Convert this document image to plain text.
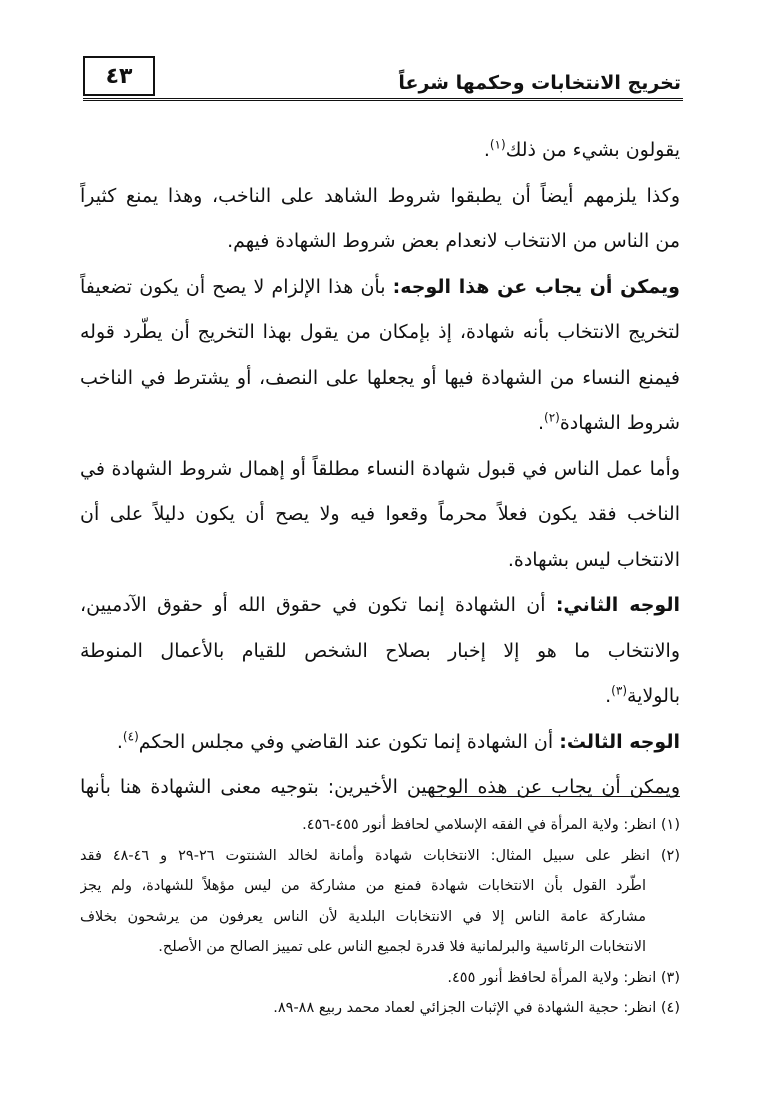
تخريج الانتخابات وحكمها شرعاً
٤٣
يقولون بشيء من ذلك$^{(١)}$.
وكذا يلزمهم أيضاً أن يطبقوا شروط الشاهد على الناخب، وهذا يمنع كثيراً
من الناس من الانتخاب لانعدام بعض شروط الشهادة فيهم.
ويمكن أن يجاب عن هذا الوجه: بأن هذا الإلزام لا يصح أن يكون تضعيفاً
لتخريج الانتخاب بأنه شهادة، إذ بإمكان من يقول بهذا التخريج أن يطّرد قوله
فيمنع النساء من الشهادة فيها أو يجعلها على النصف، أو يشترط في الناخب
شروط الشهادة$^{(٢)}$.
وأما عمل الناس في قبول شهادة النساء مطلقاً أو إهمال شروط الشهادة في
الناخب فقد يكون فعلاً محرماً وقعوا فيه ولا يصح أن يكون دليلاً على أن
الانتخاب ليس بشهادة.
الوجه الثاني: أن الشهادة إنما تكون في حقوق الله أو حقوق الآدميين،
والانتخاب ما هو إلا إخبار بصلاح الشخص للقيام بالأعمال المنوطة
بالولاية$^{(٣)}$.
الوجه الثالث: أن الشهادة إنما تكون عند القاضي وفي مجلس الحكم$^{(٤)}$.
ويمكن أن يجاب عن هذه الوجهين الأخيرين: بتوجيه معنى الشهادة هنا بأنها
(١) انظر: ولاية المرأة في الفقه الإسلامي لحافظ أنور ٤٥٥-٤٥٦.
(٢) انظر على سبيل المثال: الانتخابات شهادة وأمانة لخالد الشنتوت ٢٦-٢٩ و ٤٦-٤٨ فقد
اطّرد القول بأن الانتخابات شهادة فمنع من مشاركة من ليس مؤهلاً للشهادة، ولم يجز
مشاركة عامة الناس إلا في الانتخابات البلدية لأن الناس يعرفون من يرشحون بخلاف
الانتخابات الرئاسية والبرلمانية فلا قدرة لجميع الناس على تمييز الصالح من الأصلح.
(٣) انظر: ولاية المرأة لحافظ أنور ٤٥٥.
(٤) انظر: حجية الشهادة في الإثبات الجزائي لعماد محمد ربيع ٨٨-٨٩.
